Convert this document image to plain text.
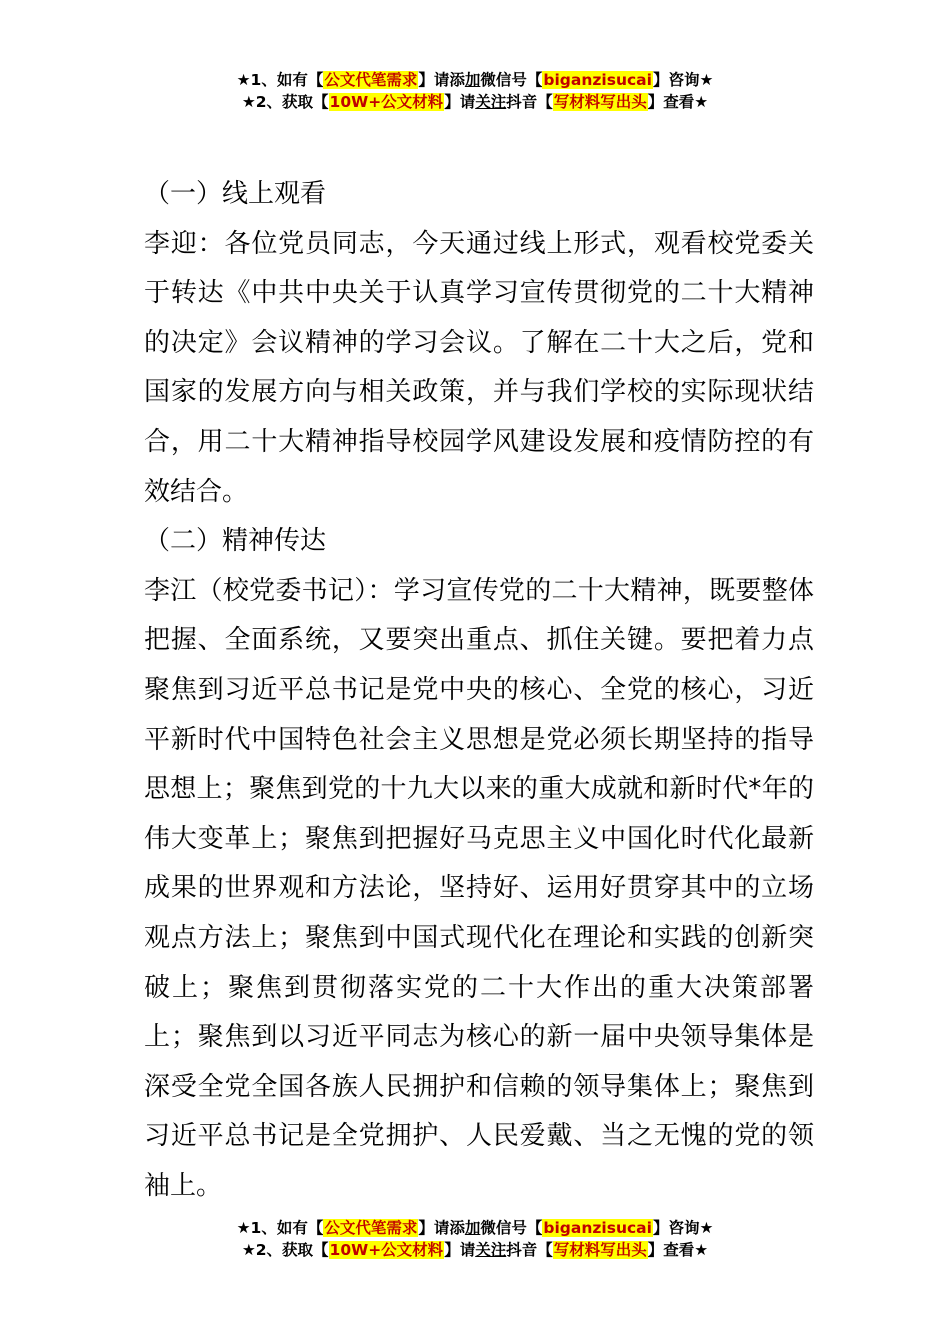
★1、如有【公文代笔需求】请添加微信号【biganzisucai】咨询★
★2、获取【10W+公文材料】请关注抖音【写材料写出头】查看★

（一）线上观看

李迎：各位党员同志，今天通过线上形式，观看校党委关于转达《中共中央关于认真学习宣传贯彻党的二十大精神的决定》会议精神的学习会议。了解在二十大之后，党和国家的发展方向与相关政策，并与我们学校的实际现状结合，用二十大精神指导校园学风建设发展和疫情防控的有效结合。

（二）精神传达

李江（校党委书记）：学习宣传党的二十大精神，既要整体把握、全面系统，又要突出重点、抓住关键。要把着力点聚焦到习近平总书记是党中央的核心、全党的核心，习近平新时代中国特色社会主义思想是党必须长期坚持的指导思想上；聚焦到党的十九大以来的重大成就和新时代*年的伟大变革上；聚焦到把握好马克思主义中国化时代化最新成果的世界观和方法论，坚持好、运用好贯穿其中的立场观点方法上；聚焦到中国式现代化在理论和实践的创新突破上；聚焦到贯彻落实党的二十大作出的重大决策部署上；聚焦到以习近平同志为核心的新一届中央领导集体是深受全党全国各族人民拥护和信赖的领导集体上；聚焦到习近平总书记是全党拥护、人民爱戴、当之无愧的党的领袖上。

★1、如有【公文代笔需求】请添加微信号【biganzisucai】咨询★
★2、获取【10W+公文材料】请关注抖音【写材料写出头】查看★
